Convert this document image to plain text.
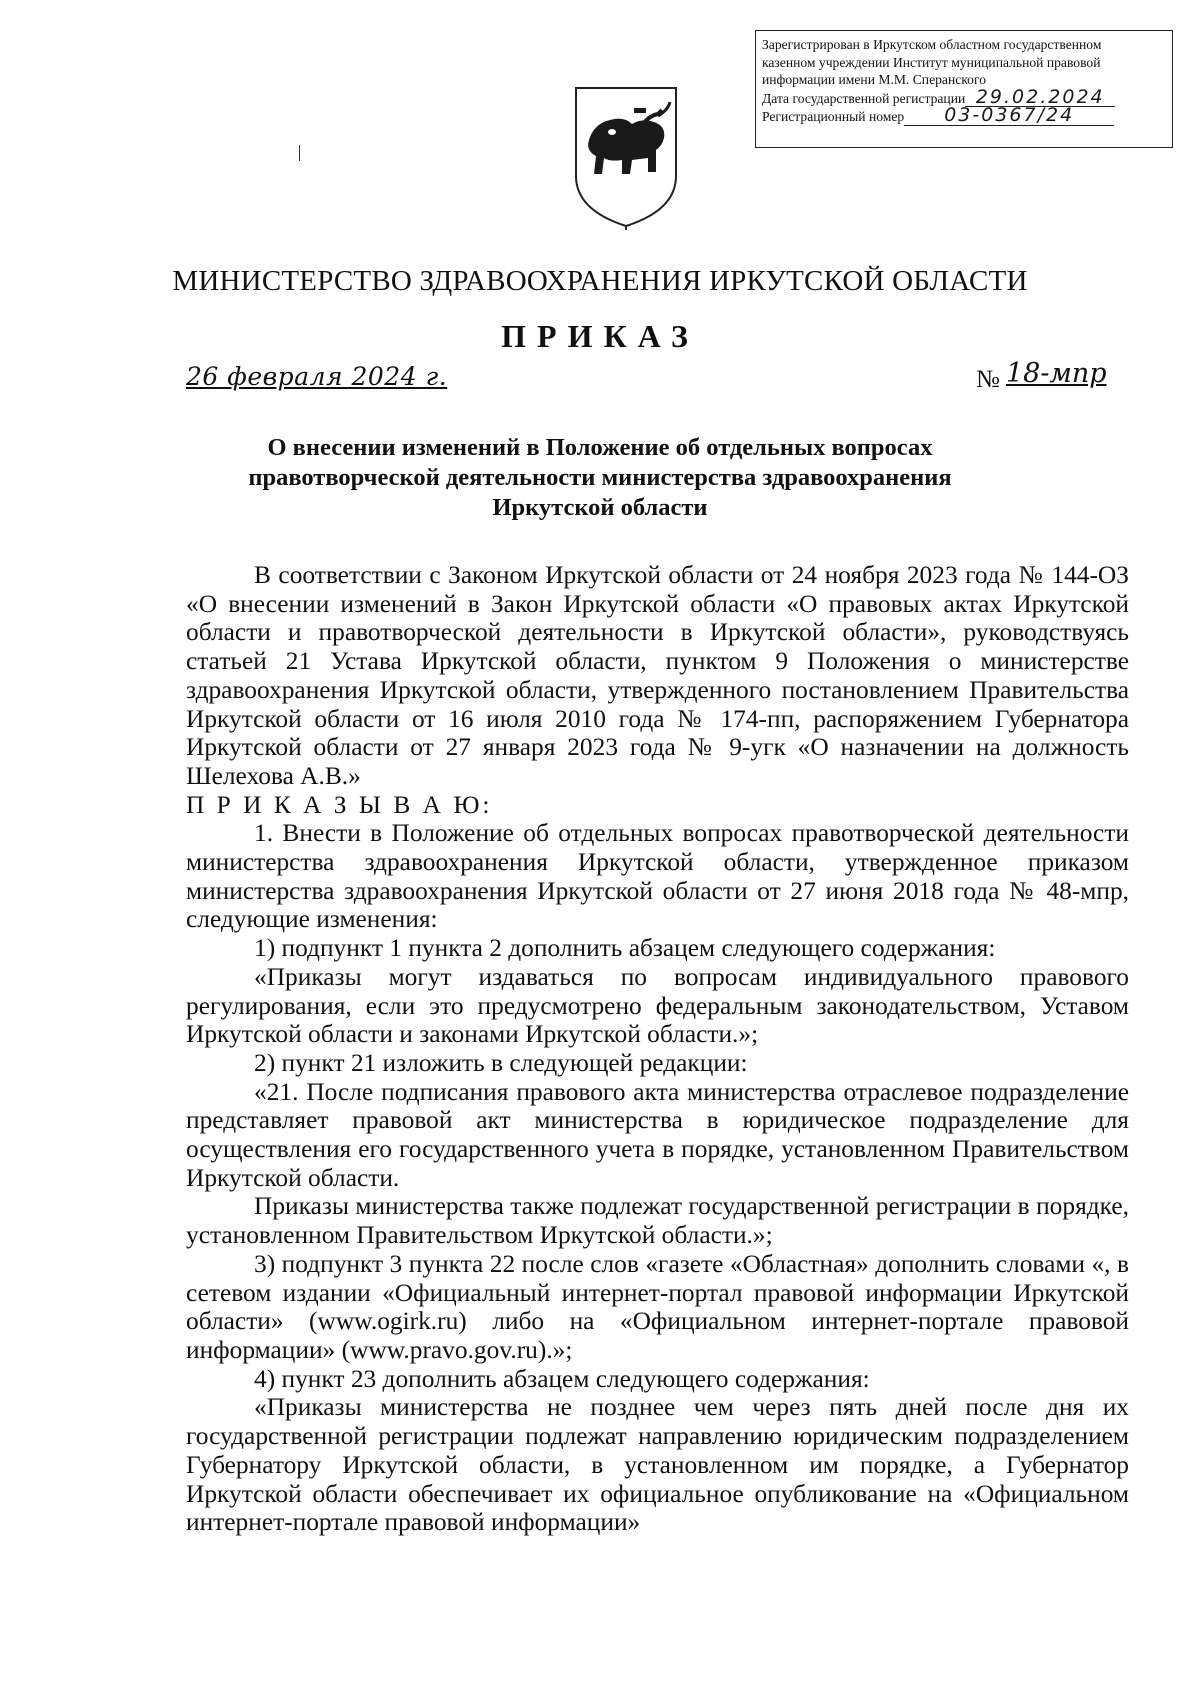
Зарегистрирован в Иркутском областном государственном
казенном учреждении Институт муниципальной правовой
информации имени М.М. Сперанского
Дата государственной регистрации 29.02.2024
Регистрационный номер 03-0367/24
МИНИСТЕРСТВО ЗДРАВООХРАНЕНИЯ ИРКУТСКОЙ ОБЛАСТИ
ПРИКАЗ
26 февраля 2024 г.	№ 18-мпр
О внесении изменений в Положение об отдельных вопросах
правотворческой деятельности министерства здравоохранения
Иркутской области

В соответствии с Законом Иркутской области от 24 ноября 2023 года № 144-ОЗ «О внесении изменений в Закон Иркутской области «О правовых актах Иркутской области и правотворческой деятельности в Иркутской области», руководствуясь статьей 21 Устава Иркутской области, пунктом 9 Положения о министерстве здравоохранения Иркутской области, утвержденного постановлением Правительства Иркутской области от 16 июля 2010 года № 174-пп, распоряжением Губернатора Иркутской области от 27 января 2023 года № 9-угк «О назначении на должность Шелехова А.В.»

П Р И К А З Ы В А Ю:

1. Внести в Положение об отдельных вопросах правотворческой деятельности министерства здравоохранения Иркутской области, утвержденное приказом министерства здравоохранения Иркутской области от 27 июня 2018 года № 48-мпр, следующие изменения:

1) подпункт 1 пункта 2 дополнить абзацем следующего содержания:

«Приказы могут издаваться по вопросам индивидуального правового регулирования, если это предусмотрено федеральным законодательством, Уставом Иркутской области и законами Иркутской области.»;

2) пункт 21 изложить в следующей редакции:

«21. После подписания правового акта министерства отраслевое подразделение представляет правовой акт министерства в юридическое подразделение для осуществления его государственного учета в порядке, установленном Правительством Иркутской области.

Приказы министерства также подлежат государственной регистрации в порядке, установленном Правительством Иркутской области.»;

3) подпункт 3 пункта 22 после слов «газете «Областная» дополнить словами «, в сетевом издании «Официальный интернет-портал правовой информации Иркутской области» (www.ogirk.ru) либо на «Официальном интернет-портале правовой информации» (www.pravo.gov.ru).»;

4) пункт 23 дополнить абзацем следующего содержания:

«Приказы министерства не позднее чем через пять дней после дня их государственной регистрации подлежат направлению юридическим подразделением Губернатору Иркутской области, в установленном им порядке, а Губернатор Иркутской области обеспечивает их официальное опубликование на «Официальном интернет-портале правовой информации»
